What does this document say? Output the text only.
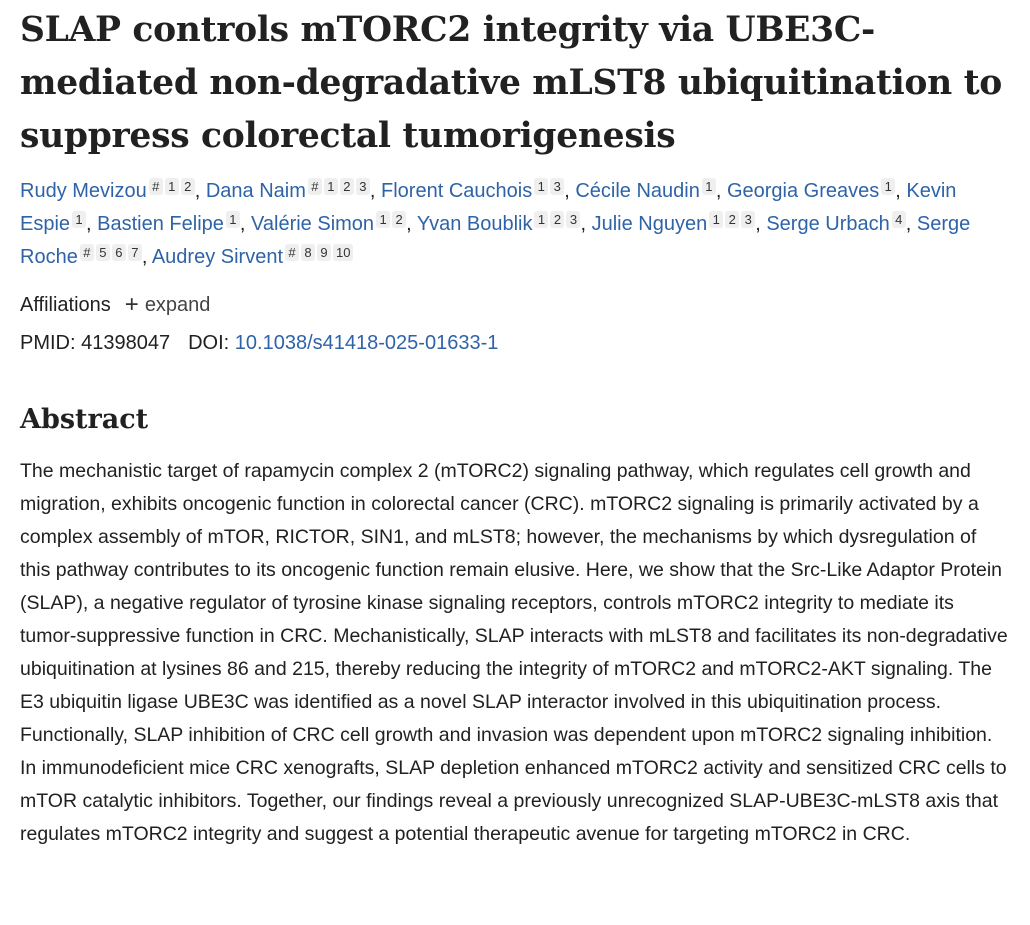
SLAP controls mTORC2 integrity via UBE3C-mediated non-degradative mLST8 ubiquitination to suppress colorectal tumorigenesis
Rudy Mevizou # 1 2 , Dana Naim # 1 2 3 , Florent Cauchois 1 3 , Cécile Naudin 1 , Georgia Greaves 1 , Kevin Espie 1 , Bastien Felipe 1 , Valérie Simon 1 2 , Yvan Boublik 1 2 3 , Julie Nguyen 1 2 3 , Serge Urbach 4 , Serge Roche # 5 6 7 , Audrey Sirvent # 8 9 10
Affiliations + expand
PMID: 41398047 DOI: 10.1038/s41418-025-01633-1
Abstract

The mechanistic target of rapamycin complex 2 (mTORC2) signaling pathway, which regulates cell growth and migration, exhibits oncogenic function in colorectal cancer (CRC). mTORC2 signaling is primarily activated by a complex assembly of mTOR, RICTOR, SIN1, and mLST8; however, the mechanisms by which dysregulation of this pathway contributes to its oncogenic function remain elusive. Here, we show that the Src-Like Adaptor Protein (SLAP), a negative regulator of tyrosine kinase signaling receptors, controls mTORC2 integrity to mediate its tumor-suppressive function in CRC. Mechanistically, SLAP interacts with mLST8 and facilitates its non-degradative ubiquitination at lysines 86 and 215, thereby reducing the integrity of mTORC2 and mTORC2-AKT signaling. The E3 ubiquitin ligase UBE3C was identified as a novel SLAP interactor involved in this ubiquitination process. Functionally, SLAP inhibition of CRC cell growth and invasion was dependent upon mTORC2 signaling inhibition. In immunodeficient mice CRC xenografts, SLAP depletion enhanced mTORC2 activity and sensitized CRC cells to mTOR catalytic inhibitors. Together, our findings reveal a previously unrecognized SLAP-UBE3C-mLST8 axis that regulates mTORC2 integrity and suggest a potential therapeutic avenue for targeting mTORC2 in CRC.
